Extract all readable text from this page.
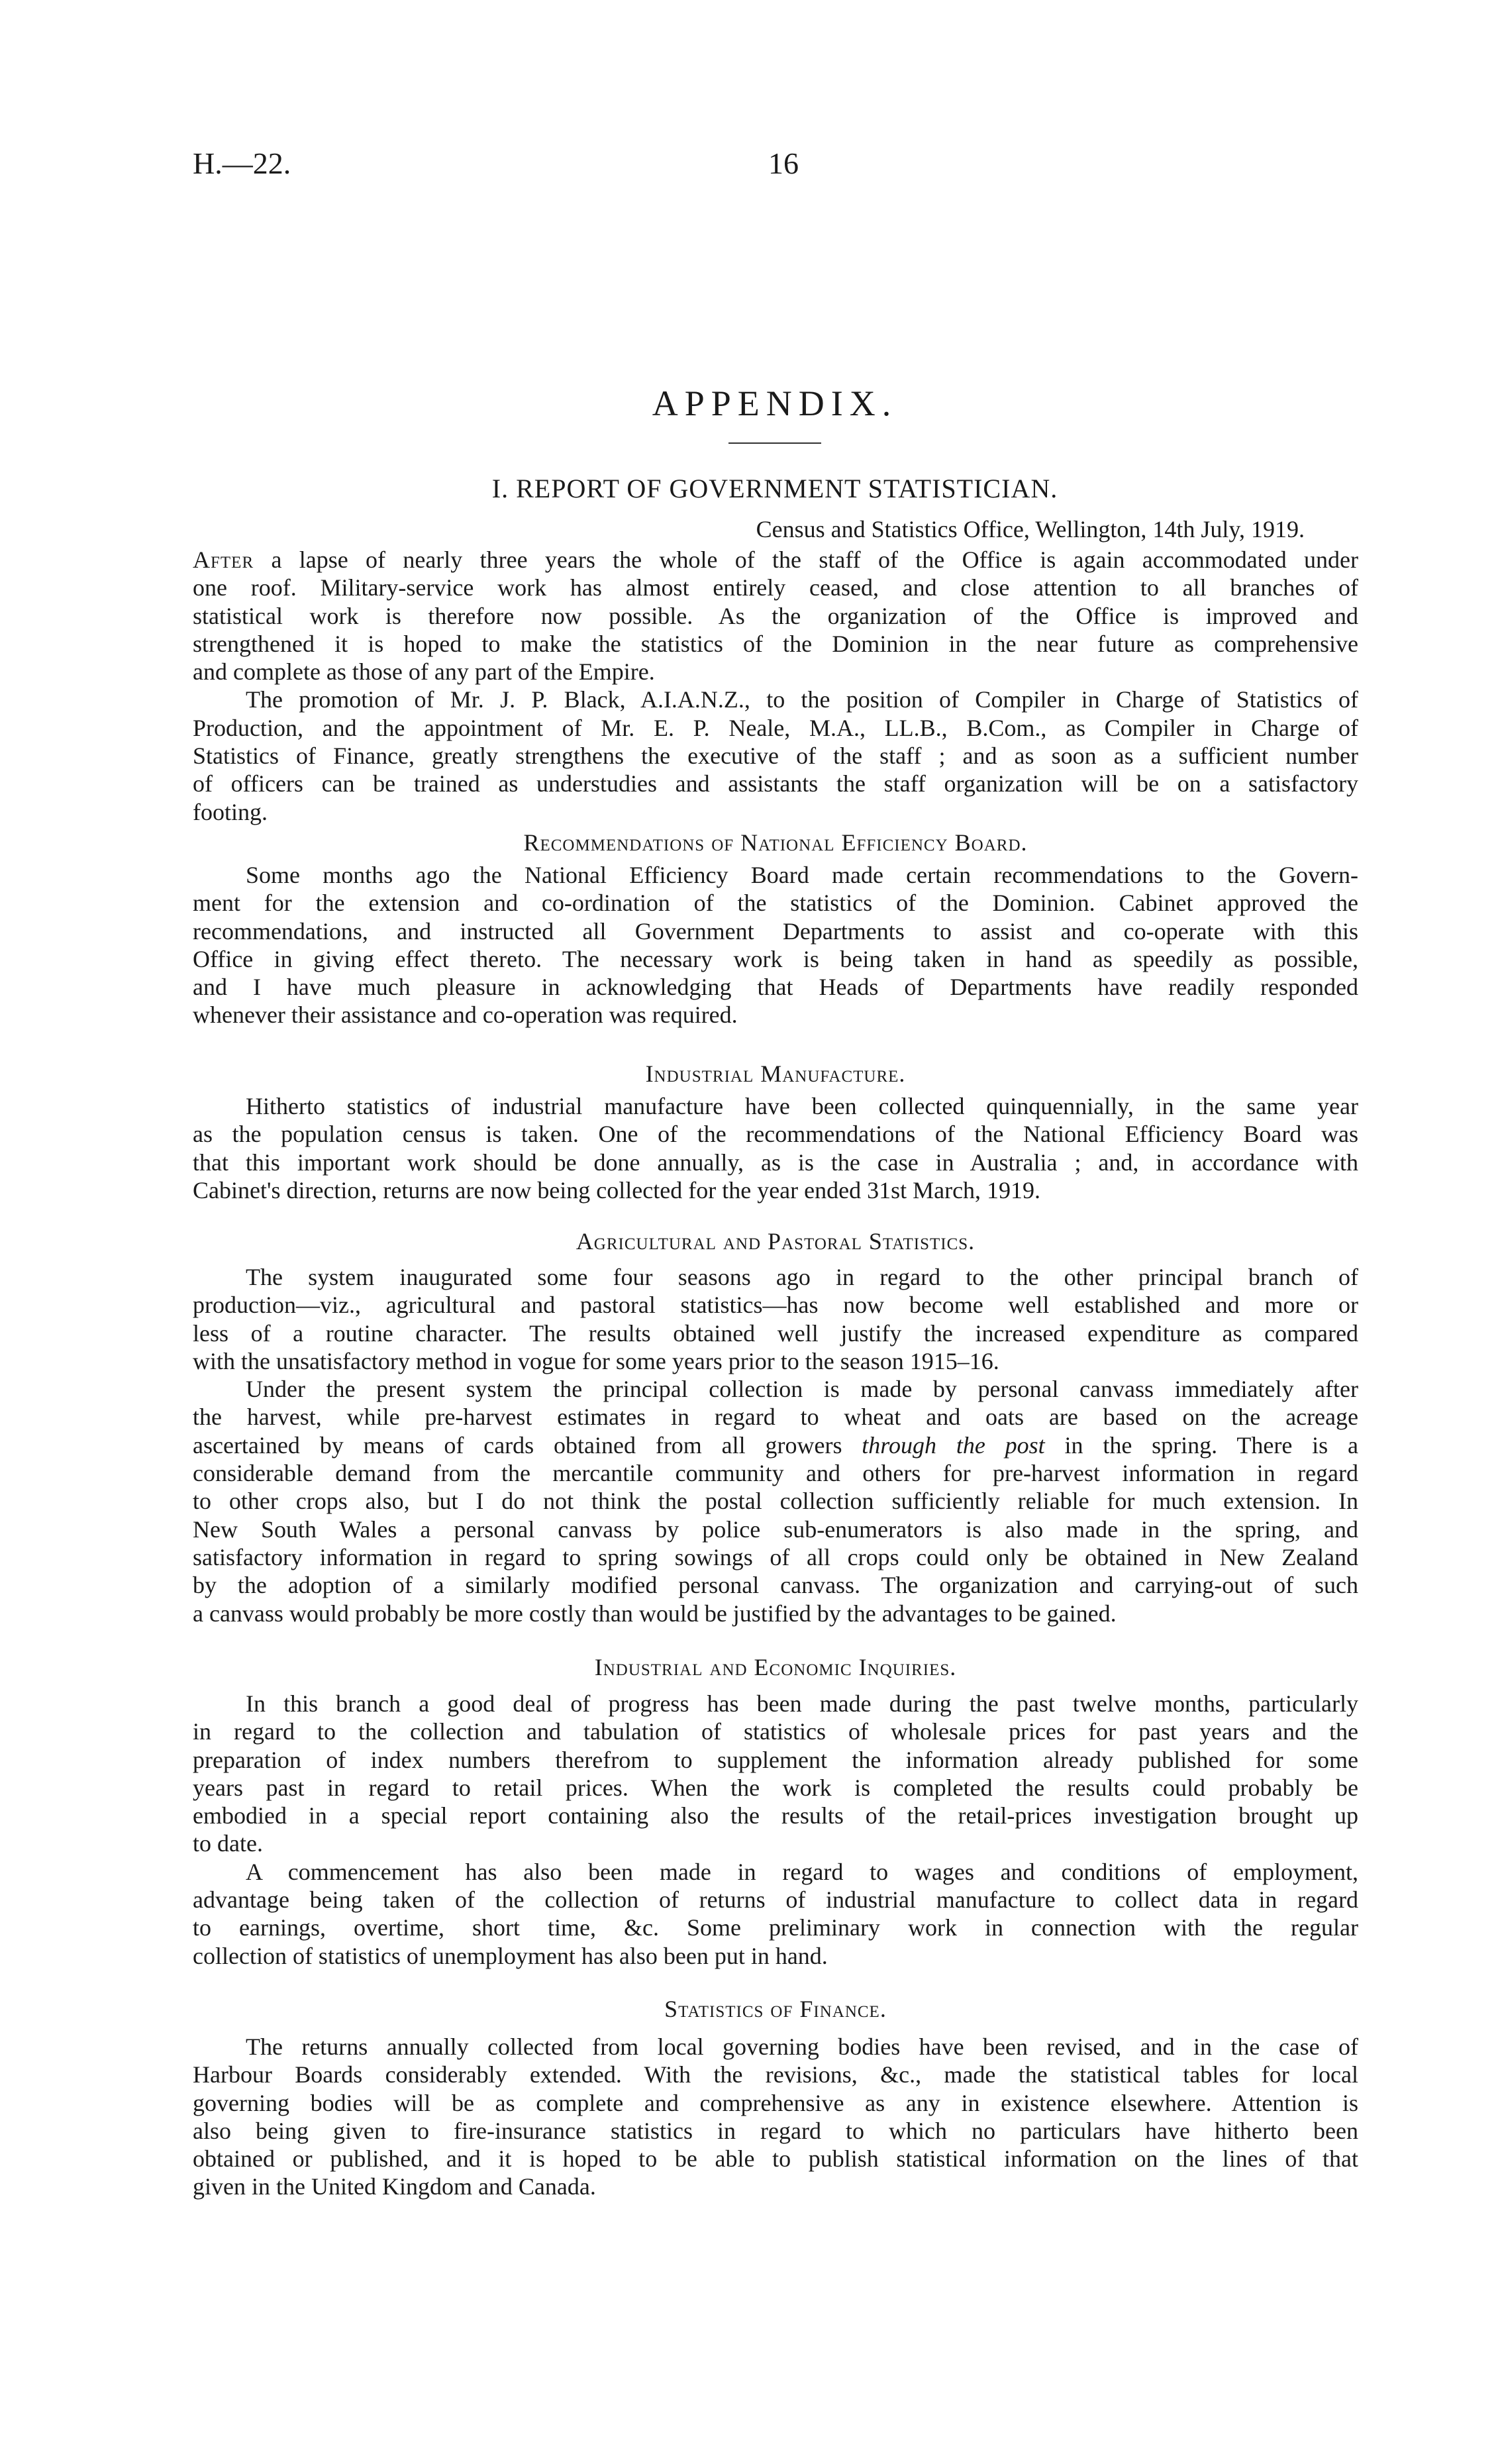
H.—22.	16
APPENDIX.
I. REPORT OF GOVERNMENT STATISTICIAN.
Census and Statistics Office, Wellington, 14th July, 1919.
After a lapse of nearly three years the whole of the staff of the Office is again accommodated under
one roof. Military-service work has almost entirely ceased, and close attention to all branches of
statistical work is therefore now possible. As the organization of the Office is improved and
strengthened it is hoped to make the statistics of the Dominion in the near future as comprehensive
and complete as those of any part of the Empire.
The promotion of Mr. J. P. Black, A.I.A.N.Z., to the position of Compiler in Charge of Statistics of
Production, and the appointment of Mr. E. P. Neale, M.A., LL.B., B.Com., as Compiler in Charge of
Statistics of Finance, greatly strengthens the executive of the staff ; and as soon as a sufficient number
of officers can be trained as understudies and assistants the staff organization will be on a satisfactory
footing.
Recommendations of National Efficiency Board.
Some months ago the National Efficiency Board made certain recommendations to the Govern-
ment for the extension and co-ordination of the statistics of the Dominion. Cabinet approved the
recommendations, and instructed all Government Departments to assist and co-operate with this
Office in giving effect thereto. The necessary work is being taken in hand as speedily as possible,
and I have much pleasure in acknowledging that Heads of Departments have readily responded
whenever their assistance and co-operation was required.
Industrial Manufacture.
Hitherto statistics of industrial manufacture have been collected quinquennially, in the same year
as the population census is taken. One of the recommendations of the National Efficiency Board was
that this important work should be done annually, as is the case in Australia ; and, in accordance with
Cabinet's direction, returns are now being collected for the year ended 31st March, 1919.
Agricultural and Pastoral Statistics.
The system inaugurated some four seasons ago in regard to the other principal branch of
production—viz., agricultural and pastoral statistics—has now become well established and more or
less of a routine character. The results obtained well justify the increased expenditure as compared
with the unsatisfactory method in vogue for some years prior to the season 1915–16.
Under the present system the principal collection is made by personal canvass immediately after
the harvest, while pre-harvest estimates in regard to wheat and oats are based on the acreage
ascertained by means of cards obtained from all growers through the post in the spring. There is a
considerable demand from the mercantile community and others for pre-harvest information in regard
to other crops also, but I do not think the postal collection sufficiently reliable for much extension. In
New South Wales a personal canvass by police sub-enumerators is also made in the spring, and
satisfactory information in regard to spring sowings of all crops could only be obtained in New Zealand
by the adoption of a similarly modified personal canvass. The organization and carrying-out of such
a canvass would probably be more costly than would be justified by the advantages to be gained.
Industrial and Economic Inquiries.
In this branch a good deal of progress has been made during the past twelve months, particularly
in regard to the collection and tabulation of statistics of wholesale prices for past years and the
preparation of index numbers therefrom to supplement the information already published for some
years past in regard to retail prices. When the work is completed the results could probably be
embodied in a special report containing also the results of the retail-prices investigation brought up
to date.
A commencement has also been made in regard to wages and conditions of employment,
advantage being taken of the collection of returns of industrial manufacture to collect data in regard
to earnings, overtime, short time, &c. Some preliminary work in connection with the regular
collection of statistics of unemployment has also been put in hand.
Statistics of Finance.
The returns annually collected from local governing bodies have been revised, and in the case of
Harbour Boards considerably extended. With the revisions, &c., made the statistical tables for local
governing bodies will be as complete and comprehensive as any in existence elsewhere. Attention is
also being given to fire-insurance statistics in regard to which no particulars have hitherto been
obtained or published, and it is hoped to be able to publish statistical information on the lines of that
given in the United Kingdom and Canada.
